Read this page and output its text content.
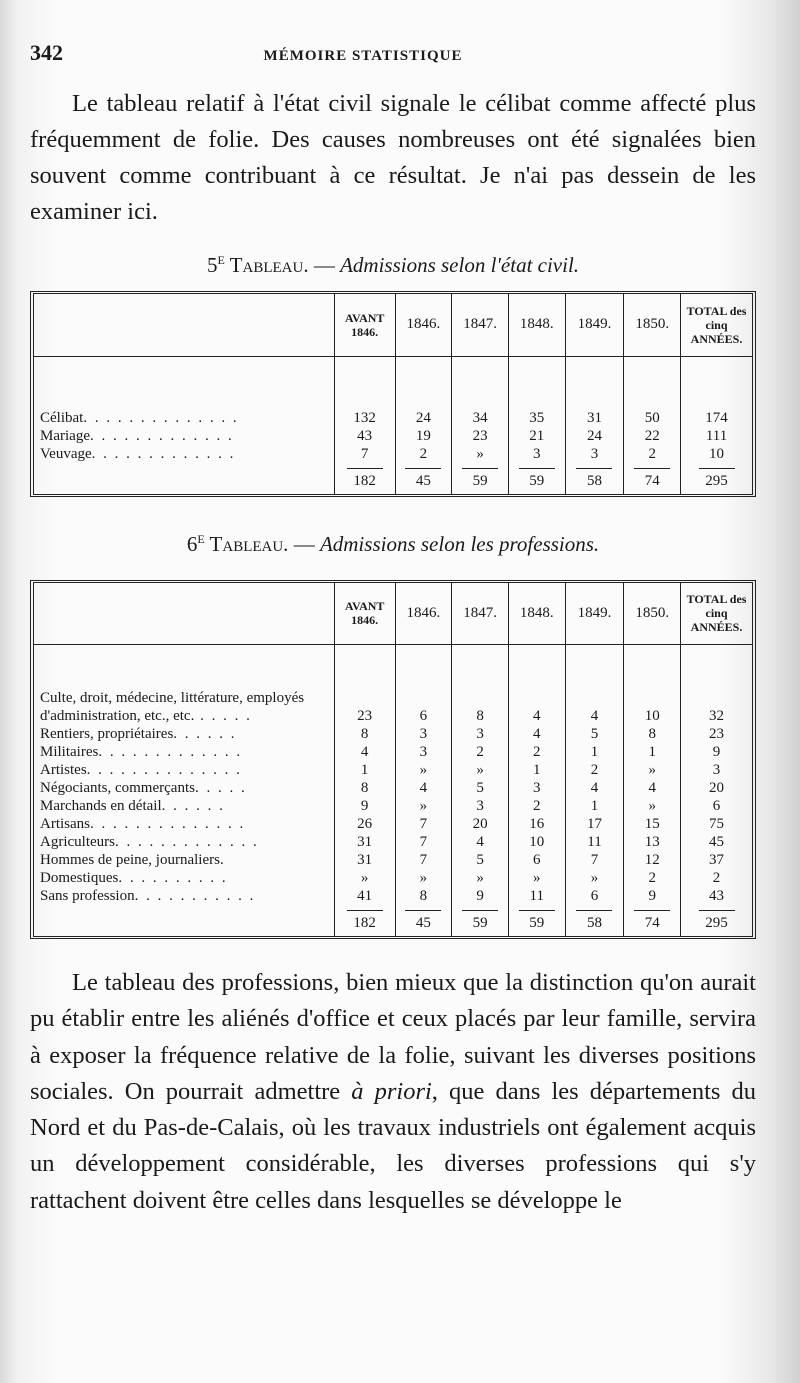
342	MÉMOIRE STATISTIQUE

Le tableau relatif à l'état civil signale le célibat comme affecté plus fréquemment de folie. Des causes nombreuses ont été signalées bien souvent comme contribuant à ce résultat. Je n'ai pas dessein de les examiner ici.

5e Tableau. — Admissions selon l'état civil.
	AVANT 1846.	1846.	1847.	1848.	1849.	1850.	TOTAL des cinq ANNÉES.

Célibat. . . . . . . . . . . . . .	132	24	34	35	31	50	174
Mariage. . . . . . . . . . . . .	43	19	23	21	24	22	111
Veuvage. . . . . . . . . . . . .	7	2	»	3	3	2	10
	182	45	59	59	58	74	295
6e Tableau. — Admissions selon les professions.
	AVANT 1846.	1846.	1847.	1848.	1849.	1850.	TOTAL des cinq ANNÉES.

Culte, droit, médecine, littérature, employés d'administration, etc., etc. . . . . .	23	6	8	4	4	10	32
Rentiers, propriétaires. . . . . .	8	3	3	4	5	8	23
Militaires. . . . . . . . . . . . .	4	3	2	2	1	1	9
Artistes. . . . . . . . . . . . . .	1	»	»	1	2	»	3
Négociants, commerçants. . . . .	8	4	5	3	4	4	20
Marchands en détail. . . . . .	9	»	3	2	1	»	6
Artisans. . . . . . . . . . . . . .	26	7	20	16	17	15	75
Agriculteurs. . . . . . . . . . . . .	31	7	4	10	11	13	45
Hommes de peine, journaliers.	31	7	5	6	7	12	37
Domestiques. . . . . . . . . .	»	»	»	»	»	2	2
Sans profession. . . . . . . . . . .	41	8	9	11	6	9	43
	182	45	59	59	58	74	295

Le tableau des professions, bien mieux que la distinction qu'on aurait pu établir entre les aliénés d'office et ceux placés par leur famille, servira à exposer la fréquence relative de la folie, suivant les diverses positions sociales. On pourrait admettre à priori, que dans les départements du Nord et du Pas-de-Calais, où les travaux industriels ont également acquis un développement considérable, les diverses professions qui s'y rattachent doivent être celles dans lesquelles se développe le
